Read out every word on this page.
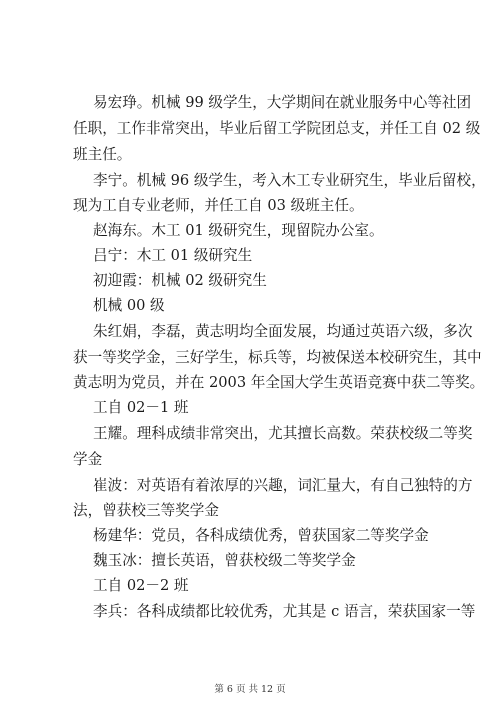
易宏琤。机械 99 级学生，大学期间在就业服务中心等社团
任职，工作非常突出，毕业后留工学院团总支，并任工自 02 级
班主任。
李宁。机械 96 级学生，考入木工专业研究生，毕业后留校，
现为工自专业老师，并任工自 03 级班主任。
赵海东。木工 01 级研究生，现留院办公室。
吕宁：木工 01 级研究生
初迎霞：机械 02 级研究生
机械 00 级
朱红娟，李磊，黄志明均全面发展，均通过英语六级，多次
获一等奖学金，三好学生，标兵等，均被保送本校研究生，其中
黄志明为党员，并在 2003 年全国大学生英语竞赛中获二等奖。
工自 02－1 班
王耀。理科成绩非常突出，尤其擅长高数。荣获校级二等奖
学金
崔波：对英语有着浓厚的兴趣，词汇量大，有自己独特的方
法，曾获校三等奖学金
杨建华：党员，各科成绩优秀，曾获国家二等奖学金
魏玉冰：擅长英语，曾获校级二等奖学金
工自 02－2 班
李兵：各科成绩都比较优秀，尤其是 c 语言，荣获国家一等
第 6 页 共 12 页
